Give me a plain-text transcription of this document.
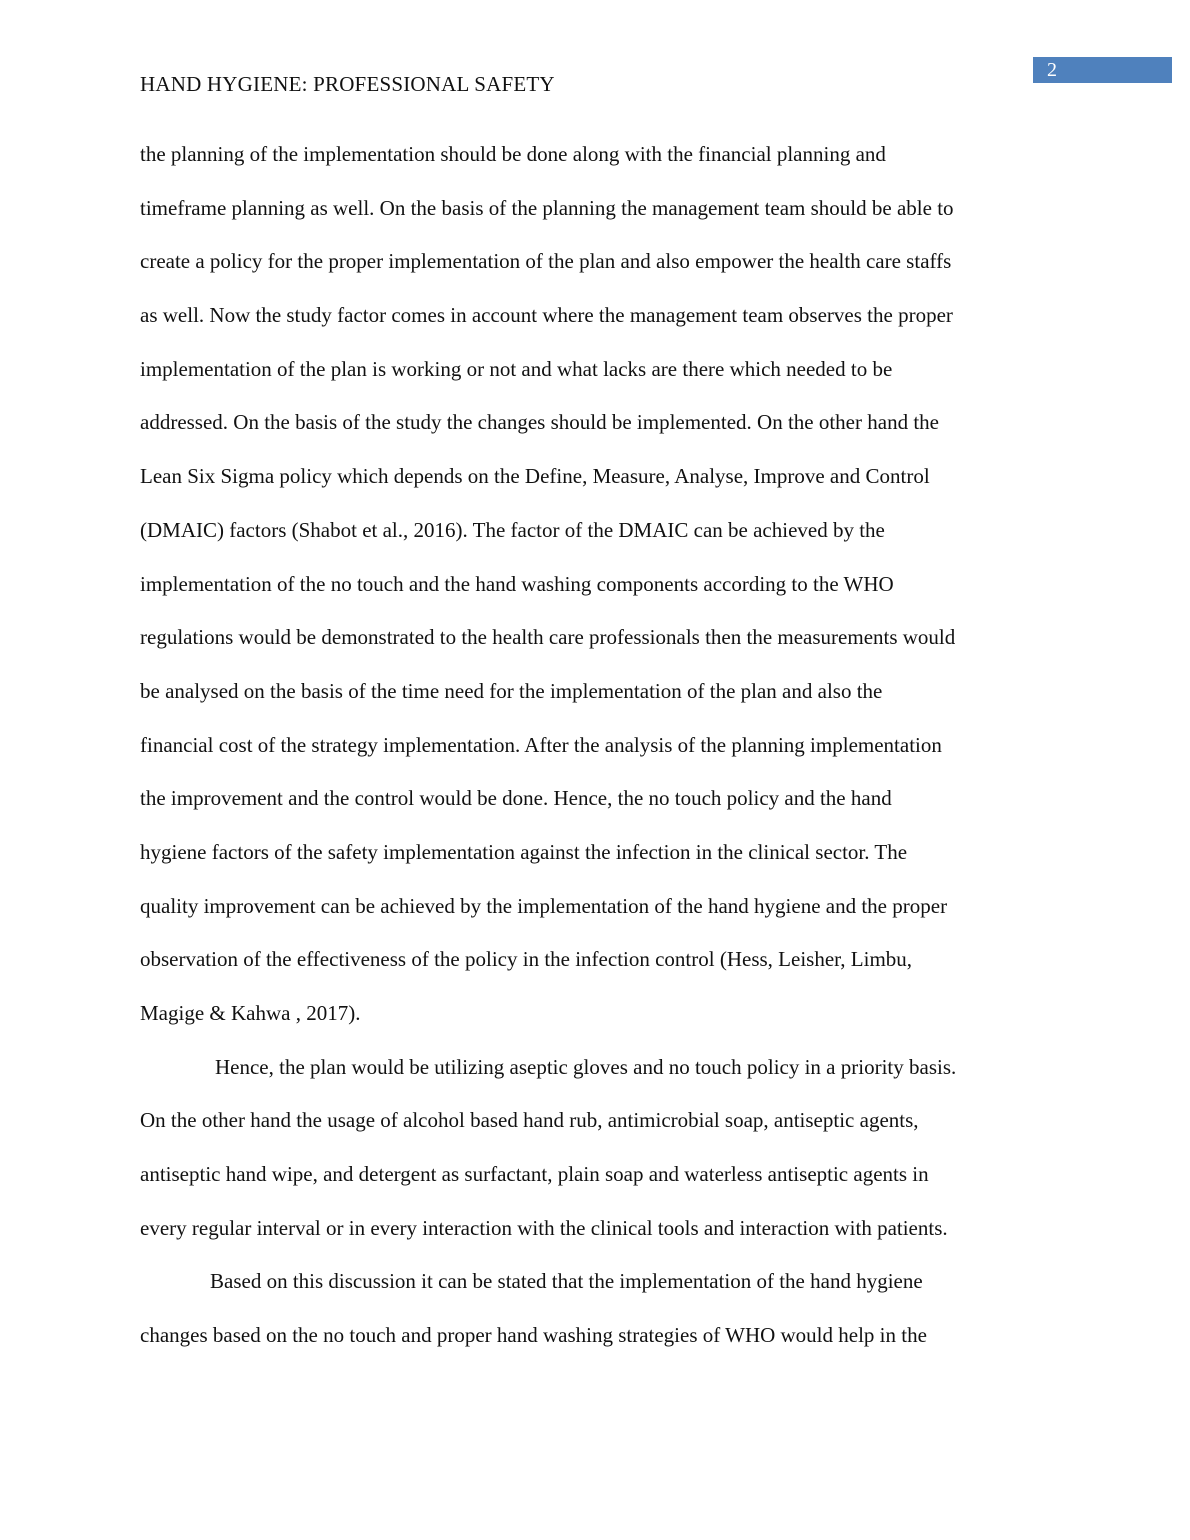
2
HAND HYGIENE: PROFESSIONAL SAFETY
the planning of the implementation should be done along with the financial planning and
timeframe planning as well. On the basis of the planning the management team should be able to
create a policy for the proper implementation of the plan and also empower the health care staffs
as well. Now the study factor comes in account where the management team observes the proper
implementation of the plan is working or not and what lacks are there which needed to be
addressed. On the basis of the study the changes should be implemented. On the other hand the
Lean Six Sigma policy which depends on the Define, Measure, Analyse, Improve and Control
(DMAIC) factors (Shabot et al., 2016). The factor of the DMAIC can be achieved by the
implementation of the no touch and the hand washing components according to the WHO
regulations would be demonstrated to the health care professionals then the measurements would
be analysed on the basis of the time need for the implementation of the plan and also the
financial cost of the strategy implementation. After the analysis of the planning implementation
the improvement and the control would be done. Hence, the no touch policy and the hand
hygiene factors of the safety implementation against the infection in the clinical sector. The
quality improvement can be achieved by the implementation of the hand hygiene and the proper
observation of the effectiveness of the policy in the infection control (Hess, Leisher, Limbu,
Magige & Kahwa , 2017).
Hence, the plan would be utilizing aseptic gloves and no touch policy in a priority basis.
On the other hand the usage of alcohol based hand rub, antimicrobial soap, antiseptic agents,
antiseptic hand wipe, and detergent as surfactant, plain soap and waterless antiseptic agents in
every regular interval or in every interaction with the clinical tools and interaction with patients.
Based on this discussion it can be stated that the implementation of the hand hygiene
changes based on the no touch and proper hand washing strategies of WHO would help in the
